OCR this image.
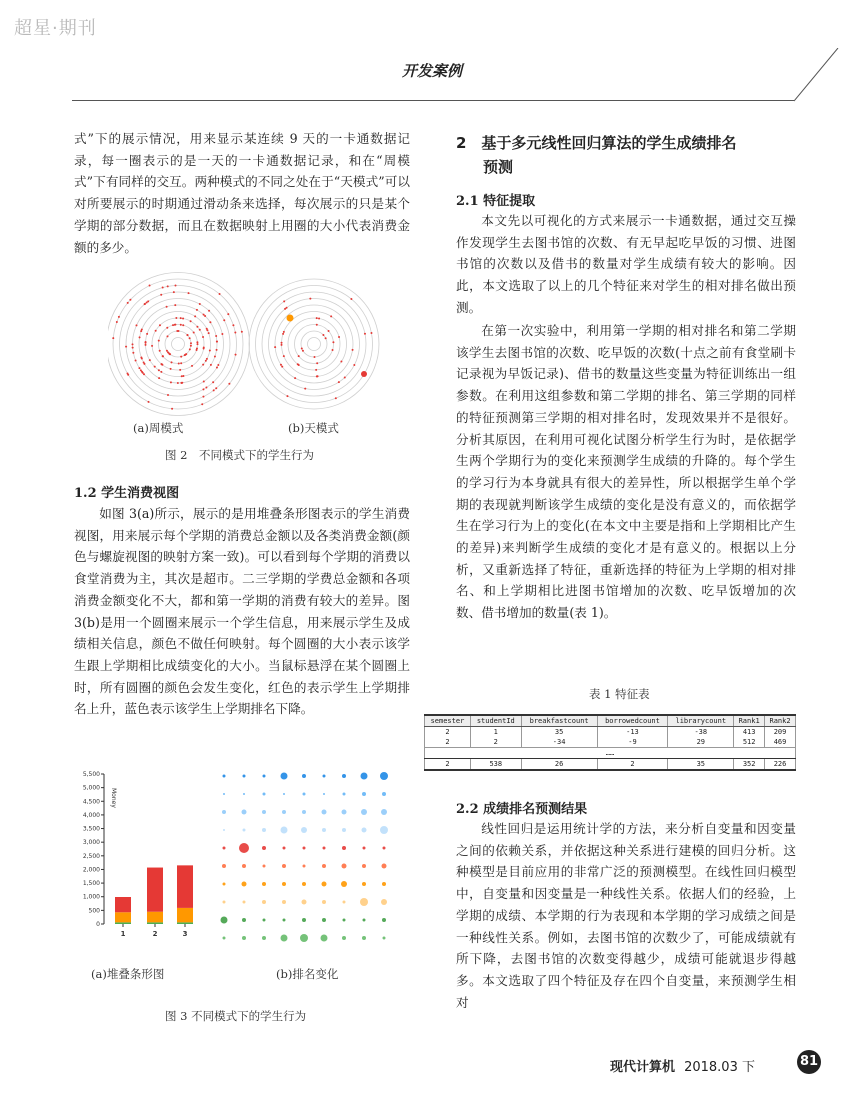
超星·期刊
开发案例

式”下的展示情况，用来显示某连续 9 天的一卡通数据记录，每一圈表示的是一天的一卡通数据记录，和在“周模式”下有同样的交互。两种模式的不同之处在于“天模式”可以对所要展示的时期通过滑动条来选择，每次展示的只是某个学期的部分数据，而且在数据映射上用圈的大小代表消费金额的多少。

(a)周模式	(b)天模式
图 2　不同模式下的学生行为
1.2 学生消费视图

如图 3(a)所示，展示的是用堆叠条形图表示的学生消费视图，用来展示每个学期的消费总金额以及各类消费金额(颜色与螺旋视图的映射方案一致)。可以看到每个学期的消费以食堂消费为主，其次是超市。二三学期的学费总金额和各项消费金额变化不大，都和第一学期的消费有较大的差异。图 3(b)是用一个圆圈来展示一个学生信息，用来展示学生及成绩相关信息，颜色不做任何映射。每个圆圈的大小表示该学生跟上学期相比成绩变化的大小。当鼠标悬浮在某个圆圈上时，所有圆圈的颜色会发生变化，红色的表示学生上学期排名上升，蓝色表示该学生上学期排名下降。

0
500
1,000
1,500
2,000
2,500
3,000
3,500
4,000
4,500
5,000
5,500
Money
1	2	3
(a)堆叠条形图	(b)排名变化
图 3 不同模式下的学生行为
2　基于多元线性回归算法的学生成绩排名
预测
2.1 特征提取

本文先以可视化的方式来展示一卡通数据，通过交互操作发现学生去图书馆的次数、有无早起吃早饭的习惯、进图书馆的次数以及借书的数量对学生成绩有较大的影响。因此，本文选取了以上的几个特征来对学生的相对排名做出预测。

在第一次实验中，利用第一学期的相对排名和第二学期该学生去图书馆的次数、吃早饭的次数(十点之前有食堂刷卡记录视为早饭记录)、借书的数量这些变量为特征训练出一组参数。在利用这组参数和第二学期的排名、第三学期的同样的特征预测第三学期的相对排名时，发现效果并不是很好。分析其原因，在利用可视化试图分析学生行为时，是依据学生两个学期行为的变化来预测学生成绩的升降的。每个学生的学习行为本身就具有很大的差异性，所以根据学生单个学期的表现就判断该学生成绩的变化是没有意义的，而依据学生在学习行为上的变化(在本文中主要是指和上学期相比产生的差异)来判断学生成绩的变化才是有意义的。根据以上分析，又重新选择了特征，重新选择的特征为上学期的相对排名、和上学期相比进图书馆增加的次数、吃早饭增加的次数、借书增加的数量(表 1)。

表 1 特征表
semester	studentId	breakfastcount	borrowedcount	librarycount	Rank1	Rank2
2	1	35	-13	-38	413	209
2	2	-34	-9	29	512	469
……						
2	538	26	2	35	352	226
2.2 成绩排名预测结果

线性回归是运用统计学的方法，来分析自变量和因变量之间的依赖关系，并依据这种关系进行建模的回归分析。这种模型是目前应用的非常广泛的预测模型。在线性回归模型中，自变量和因变量是一种线性关系。依据人们的经验，上学期的成绩、本学期的行为表现和本学期的学习成绩之间是一种线性关系。例如，去图书馆的次数少了，可能成绩就有所下降，去图书馆的次数变得越少，成绩可能就退步得越多。本文选取了四个特征及存在四个自变量，来预测学生相对

现代计算机 2018.03 下	81
